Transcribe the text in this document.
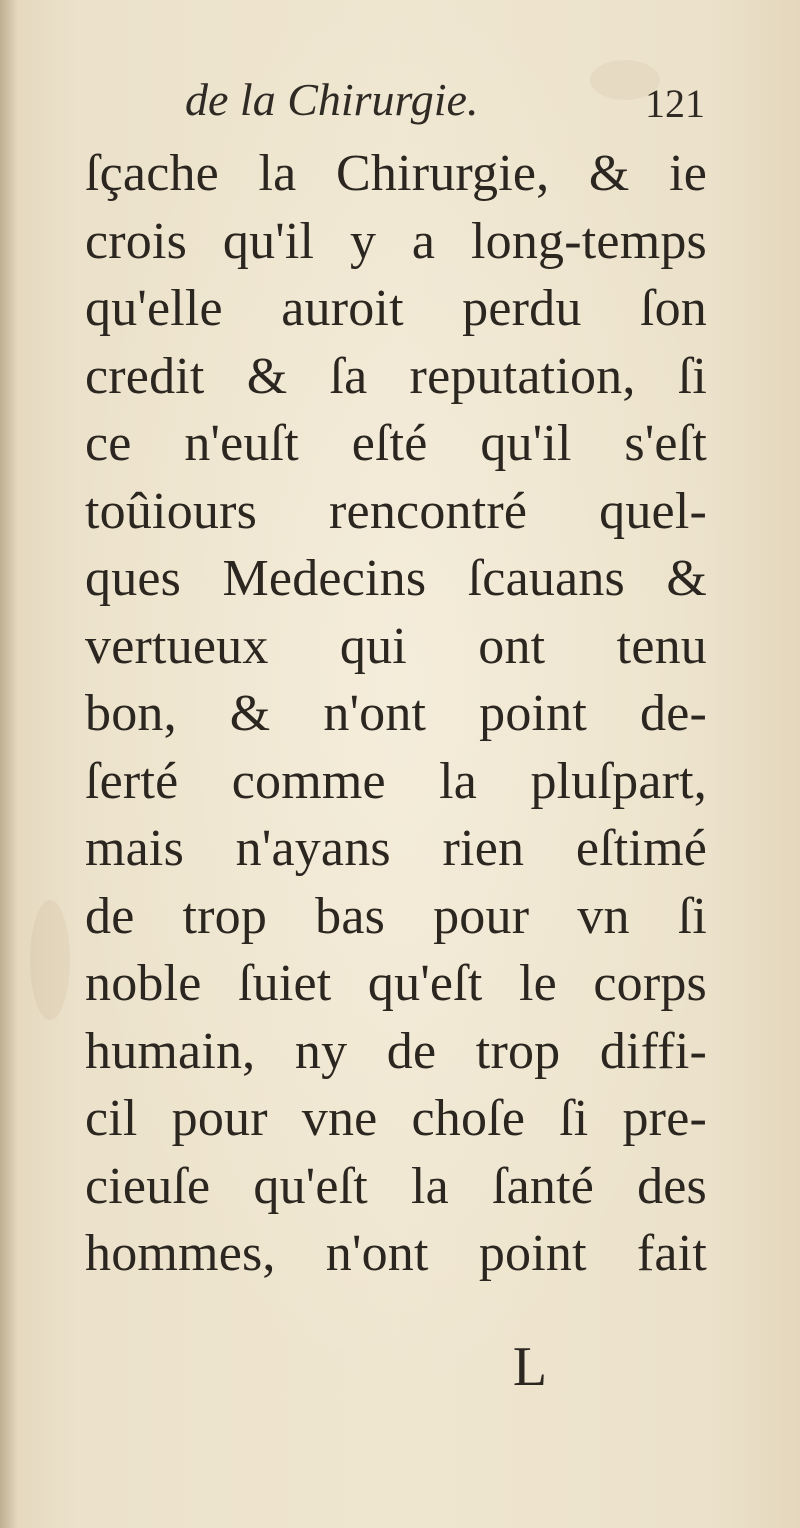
de la Chirurgie.	121
ſçache la Chirurgie, & ie
crois qu'il y a long-temps
qu'elle auroit perdu ſon
credit & ſa reputation, ſi
ce n'euſt eſté qu'il s'eſt
toûiours rencontré quel-
ques Medecins ſcauans &
vertueux qui ont tenu
bon, & n'ont point de-
ſerté comme la pluſpart,
mais n'ayans rien eſtimé
de trop bas pour vn ſi
noble ſuiet qu'eſt le corps
humain, ny de trop diffi-
cil pour vne choſe ſi pre-
cieuſe qu'eſt la ſanté des
hommes, n'ont point fait
L
